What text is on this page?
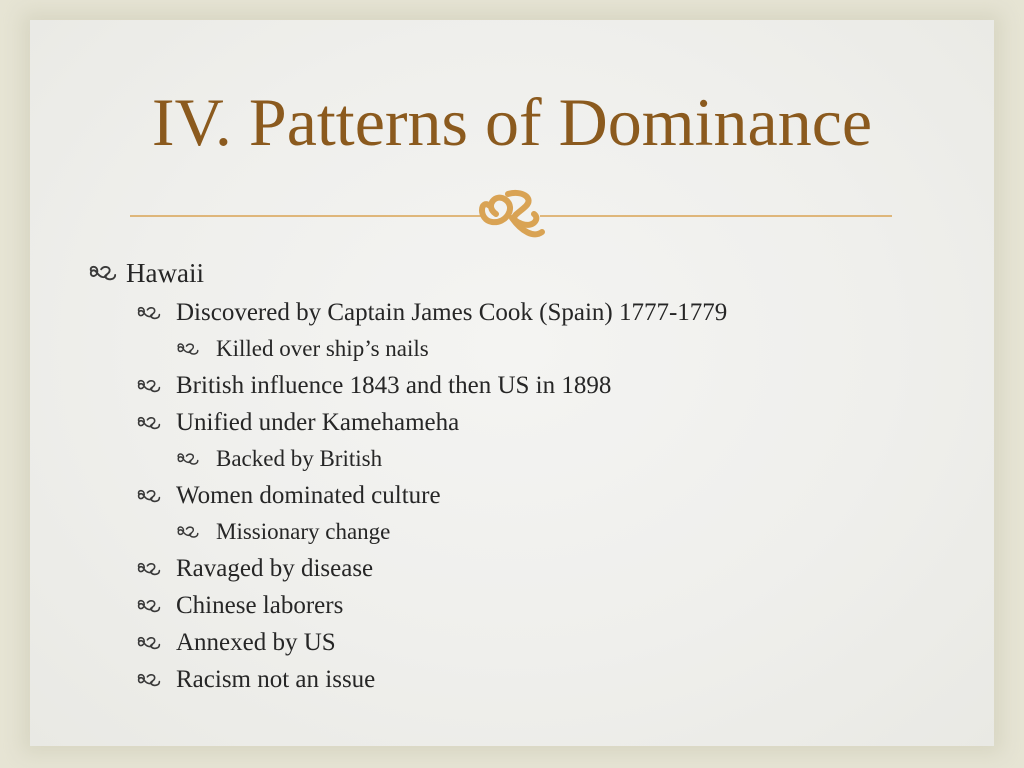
IV. Patterns of Dominance
Hawaii
Discovered by Captain James Cook (Spain) 1777-1779
Killed over ship’s nails
British influence 1843 and then US in 1898
Unified under Kamehameha
Backed by British
Women dominated culture
Missionary change
Ravaged by disease
Chinese laborers
Annexed by US
Racism not an issue
